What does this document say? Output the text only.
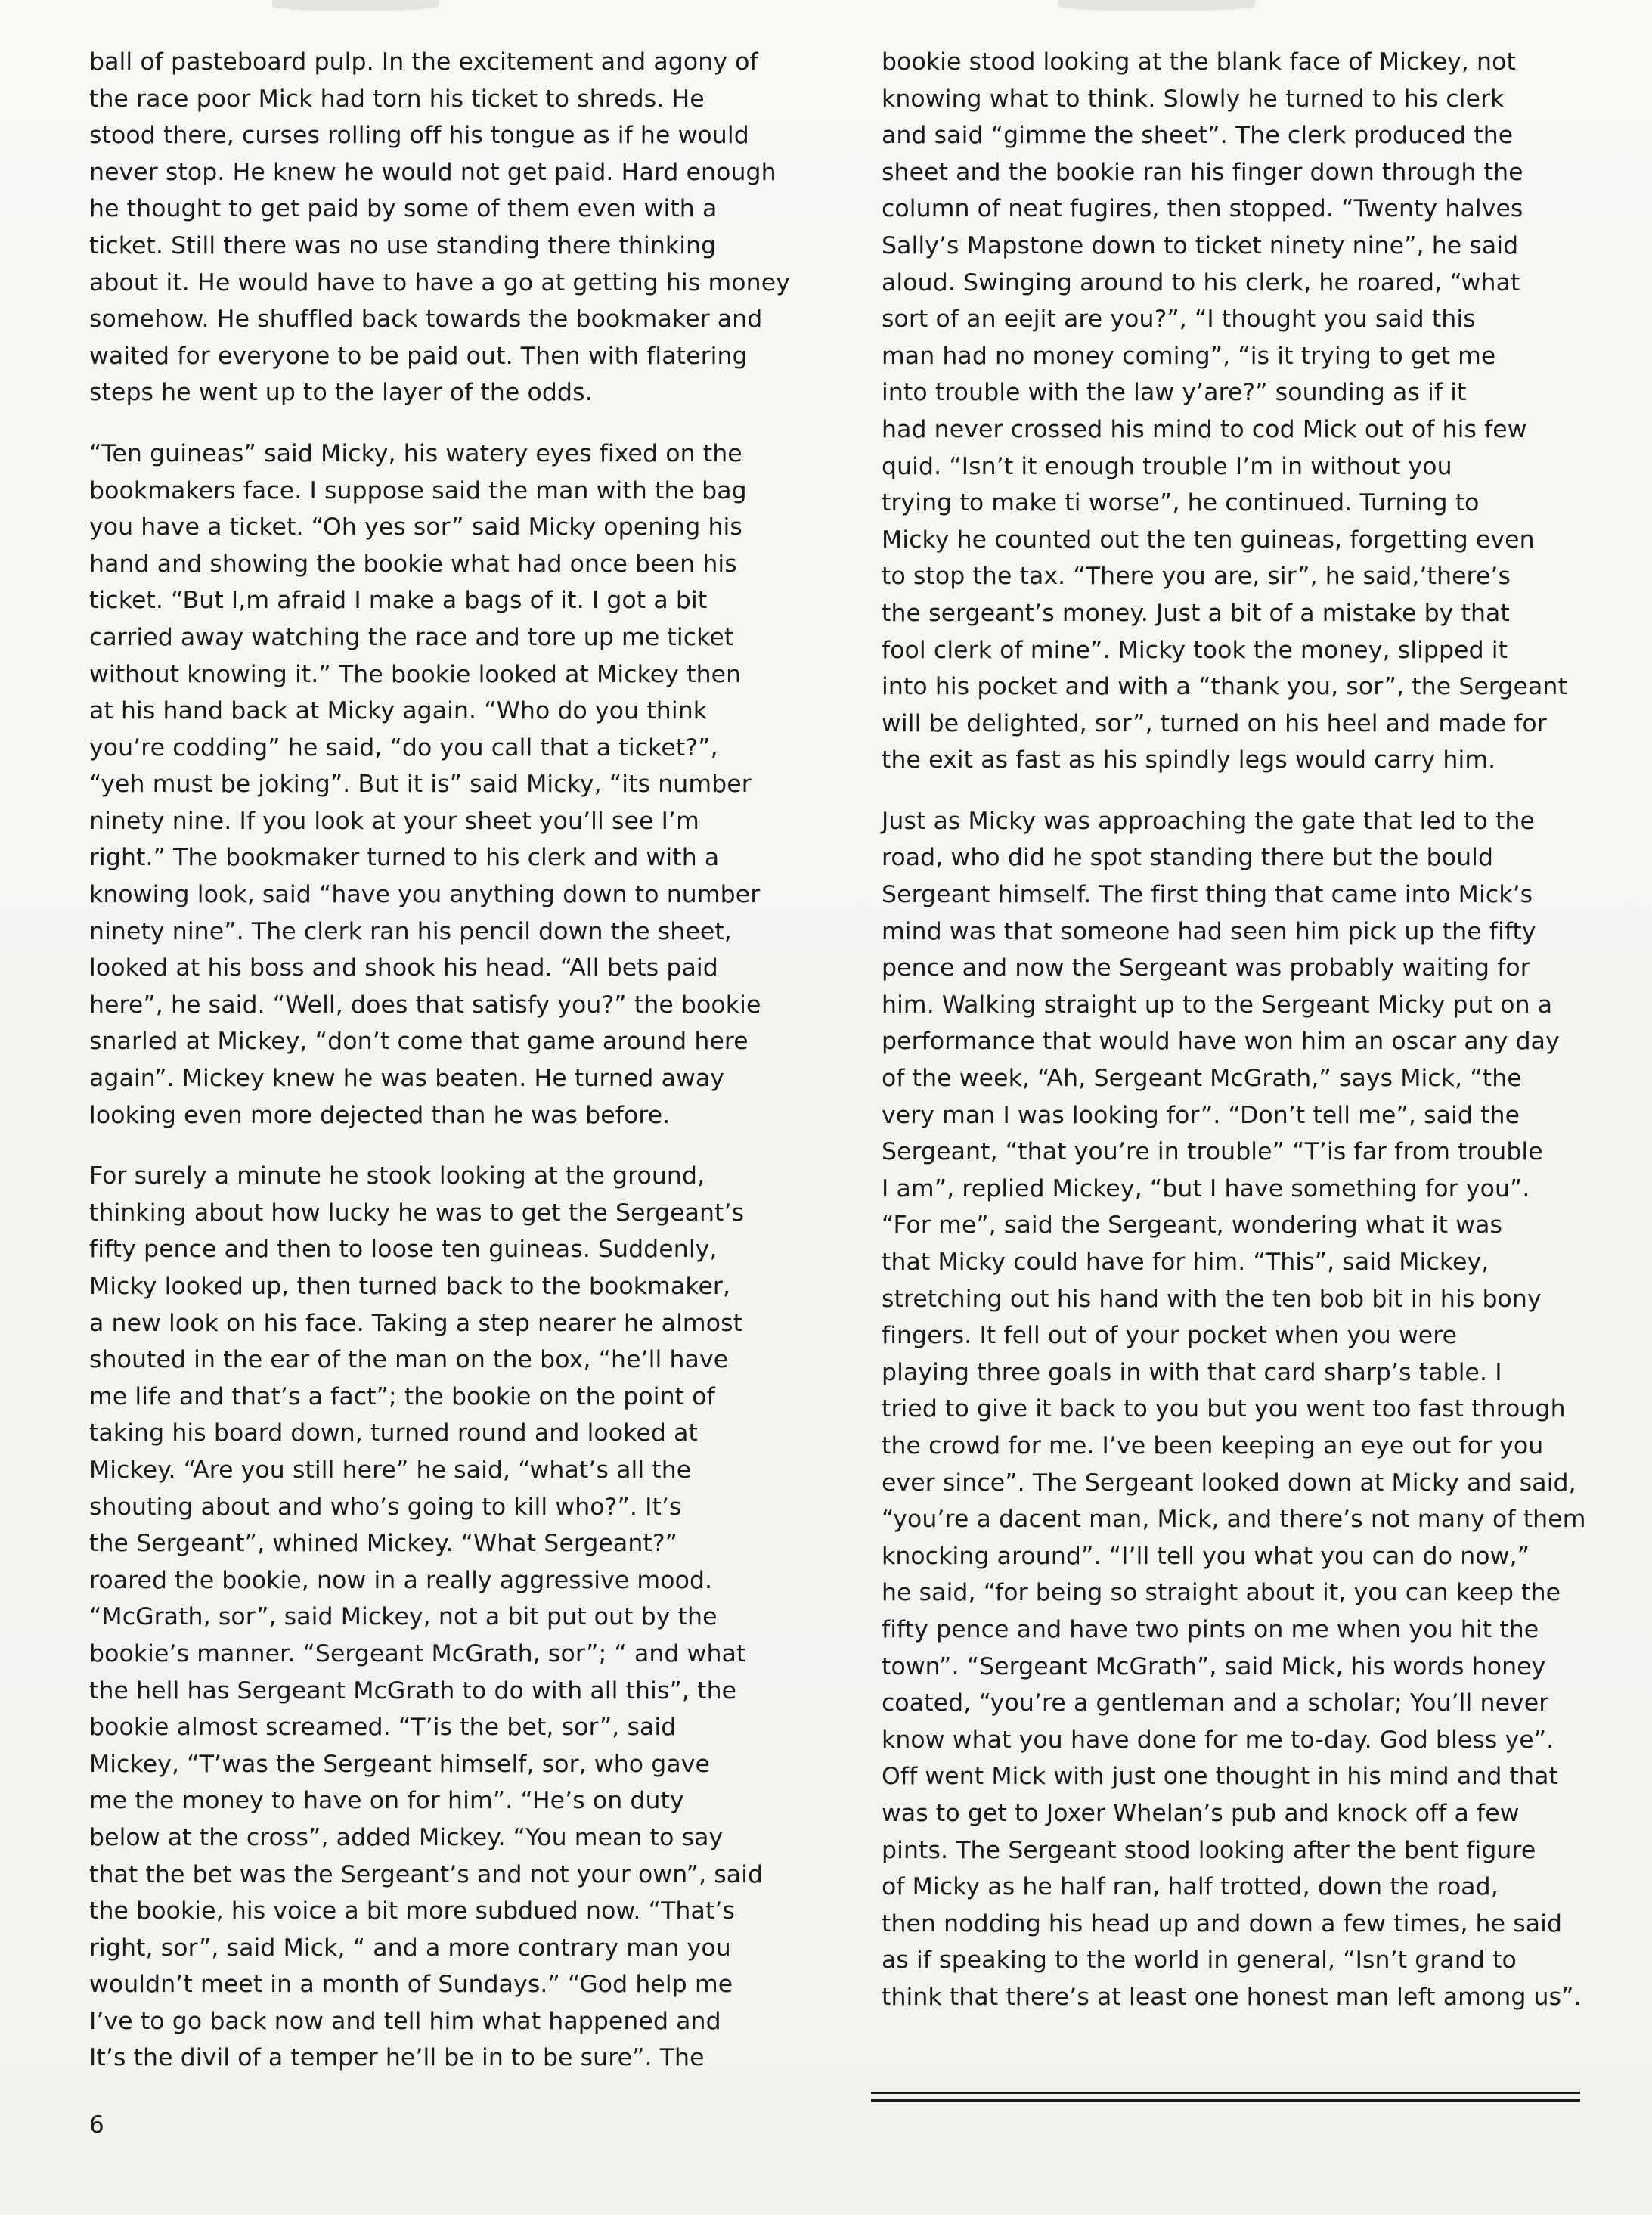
ball of pasteboard pulp. In the excitement and agony of
the race poor Mick had torn his ticket to shreds. He
stood there, curses rolling off his tongue as if he would
never stop. He knew he would not get paid. Hard enough
he thought to get paid by some of them even with a
ticket. Still there was no use standing there thinking
about it. He would have to have a go at getting his money
somehow. He shuffled back towards the bookmaker and
waited for everyone to be paid out. Then with flatering
steps he went up to the layer of the odds.
“Ten guineas” said Micky, his watery eyes fixed on the
bookmakers face. I suppose said the man with the bag
you have a ticket. “Oh yes sor” said Micky opening his
hand and showing the bookie what had once been his
ticket. “But I,m afraid I make a bags of it. I got a bit
carried away watching the race and tore up me ticket
without knowing it.” The bookie looked at Mickey then
at his hand back at Micky again. “Who do you think
you’re codding” he said, “do you call that a ticket?”,
“yeh must be joking”. But it is” said Micky, “its number
ninety nine. If you look at your sheet you’ll see I’m
right.” The bookmaker turned to his clerk and with a
knowing look, said “have you anything down to number
ninety nine”. The clerk ran his pencil down the sheet,
looked at his boss and shook his head. “All bets paid
here”, he said. “Well, does that satisfy you?” the bookie
snarled at Mickey, “don’t come that game around here
again”. Mickey knew he was beaten. He turned away
looking even more dejected than he was before.
For surely a minute he stook looking at the ground,
thinking about how lucky he was to get the Sergeant’s
fifty pence and then to loose ten guineas. Suddenly,
Micky looked up, then turned back to the bookmaker,
a new look on his face. Taking a step nearer he almost
shouted in the ear of the man on the box, “he’ll have
me life and that’s a fact”; the bookie on the point of
taking his board down, turned round and looked at
Mickey. “Are you still here” he said, “what’s all the
shouting about and who’s going to kill who?”. It’s
the Sergeant”, whined Mickey. “What Sergeant?”
roared the bookie, now in a really aggressive mood.
“McGrath, sor”, said Mickey, not a bit put out by the
bookie’s manner. “Sergeant McGrath, sor”; “ and what
the hell has Sergeant McGrath to do with all this”, the
bookie almost screamed. “T’is the bet, sor”, said
Mickey, “T’was the Sergeant himself, sor, who gave
me the money to have on for him”. “He’s on duty
below at the cross”, added Mickey. “You mean to say
that the bet was the Sergeant’s and not your own”, said
the bookie, his voice a bit more subdued now. “That’s
right, sor”, said Mick, “ and a more contrary man you
wouldn’t meet in a month of Sundays.” “God help me
I’ve to go back now and tell him what happened and
It’s the divil of a temper he’ll be in to be sure”. The
bookie stood looking at the blank face of Mickey, not
knowing what to think. Slowly he turned to his clerk
and said “gimme the sheet”. The clerk produced the
sheet and the bookie ran his finger down through the
column of neat fugires, then stopped. “Twenty halves
Sally’s Mapstone down to ticket ninety nine”, he said
aloud. Swinging around to his clerk, he roared, “what
sort of an eejit are you?”, “I thought you said this
man had no money coming”, “is it trying to get me
into trouble with the law y’are?” sounding as if it
had never crossed his mind to cod Mick out of his few
quid. “Isn’t it enough trouble I’m in without you
trying to make ti worse”, he continued. Turning to
Micky he counted out the ten guineas, forgetting even
to stop the tax. “There you are, sir”, he said,’there’s
the sergeant’s money. Just a bit of a mistake by that
fool clerk of mine”. Micky took the money, slipped it
into his pocket and with a “thank you, sor”, the Sergeant
will be delighted, sor”, turned on his heel and made for
the exit as fast as his spindly legs would carry him.
Just as Micky was approaching the gate that led to the
road, who did he spot standing there but the bould
Sergeant himself. The first thing that came into Mick’s
mind was that someone had seen him pick up the fifty
pence and now the Sergeant was probably waiting for
him. Walking straight up to the Sergeant Micky put on a
performance that would have won him an oscar any day
of the week, “Ah, Sergeant McGrath,” says Mick, “the
very man I was looking for”. “Don’t tell me”, said the
Sergeant, “that you’re in trouble” “T’is far from trouble
I am”, replied Mickey, “but I have something for you”.
“For me”, said the Sergeant, wondering what it was
that Micky could have for him. “This”, said Mickey,
stretching out his hand with the ten bob bit in his bony
fingers. It fell out of your pocket when you were
playing three goals in with that card sharp’s table. I
tried to give it back to you but you went too fast through
the crowd for me. I’ve been keeping an eye out for you
ever since”. The Sergeant looked down at Micky and said,
“you’re a dacent man, Mick, and there’s not many of them
knocking around”. “I’ll tell you what you can do now,”
he said, “for being so straight about it, you can keep the
fifty pence and have two pints on me when you hit the
town”. “Sergeant McGrath”, said Mick, his words honey
coated, “you’re a gentleman and a scholar; You’ll never
know what you have done for me to-day. God bless ye”.
Off went Mick with just one thought in his mind and that
was to get to Joxer Whelan’s pub and knock off a few
pints. The Sergeant stood looking after the bent figure
of Micky as he half ran, half trotted, down the road,
then nodding his head up and down a few times, he said
as if speaking to the world in general, “Isn’t grand to
think that there’s at least one honest man left among us”.
6
